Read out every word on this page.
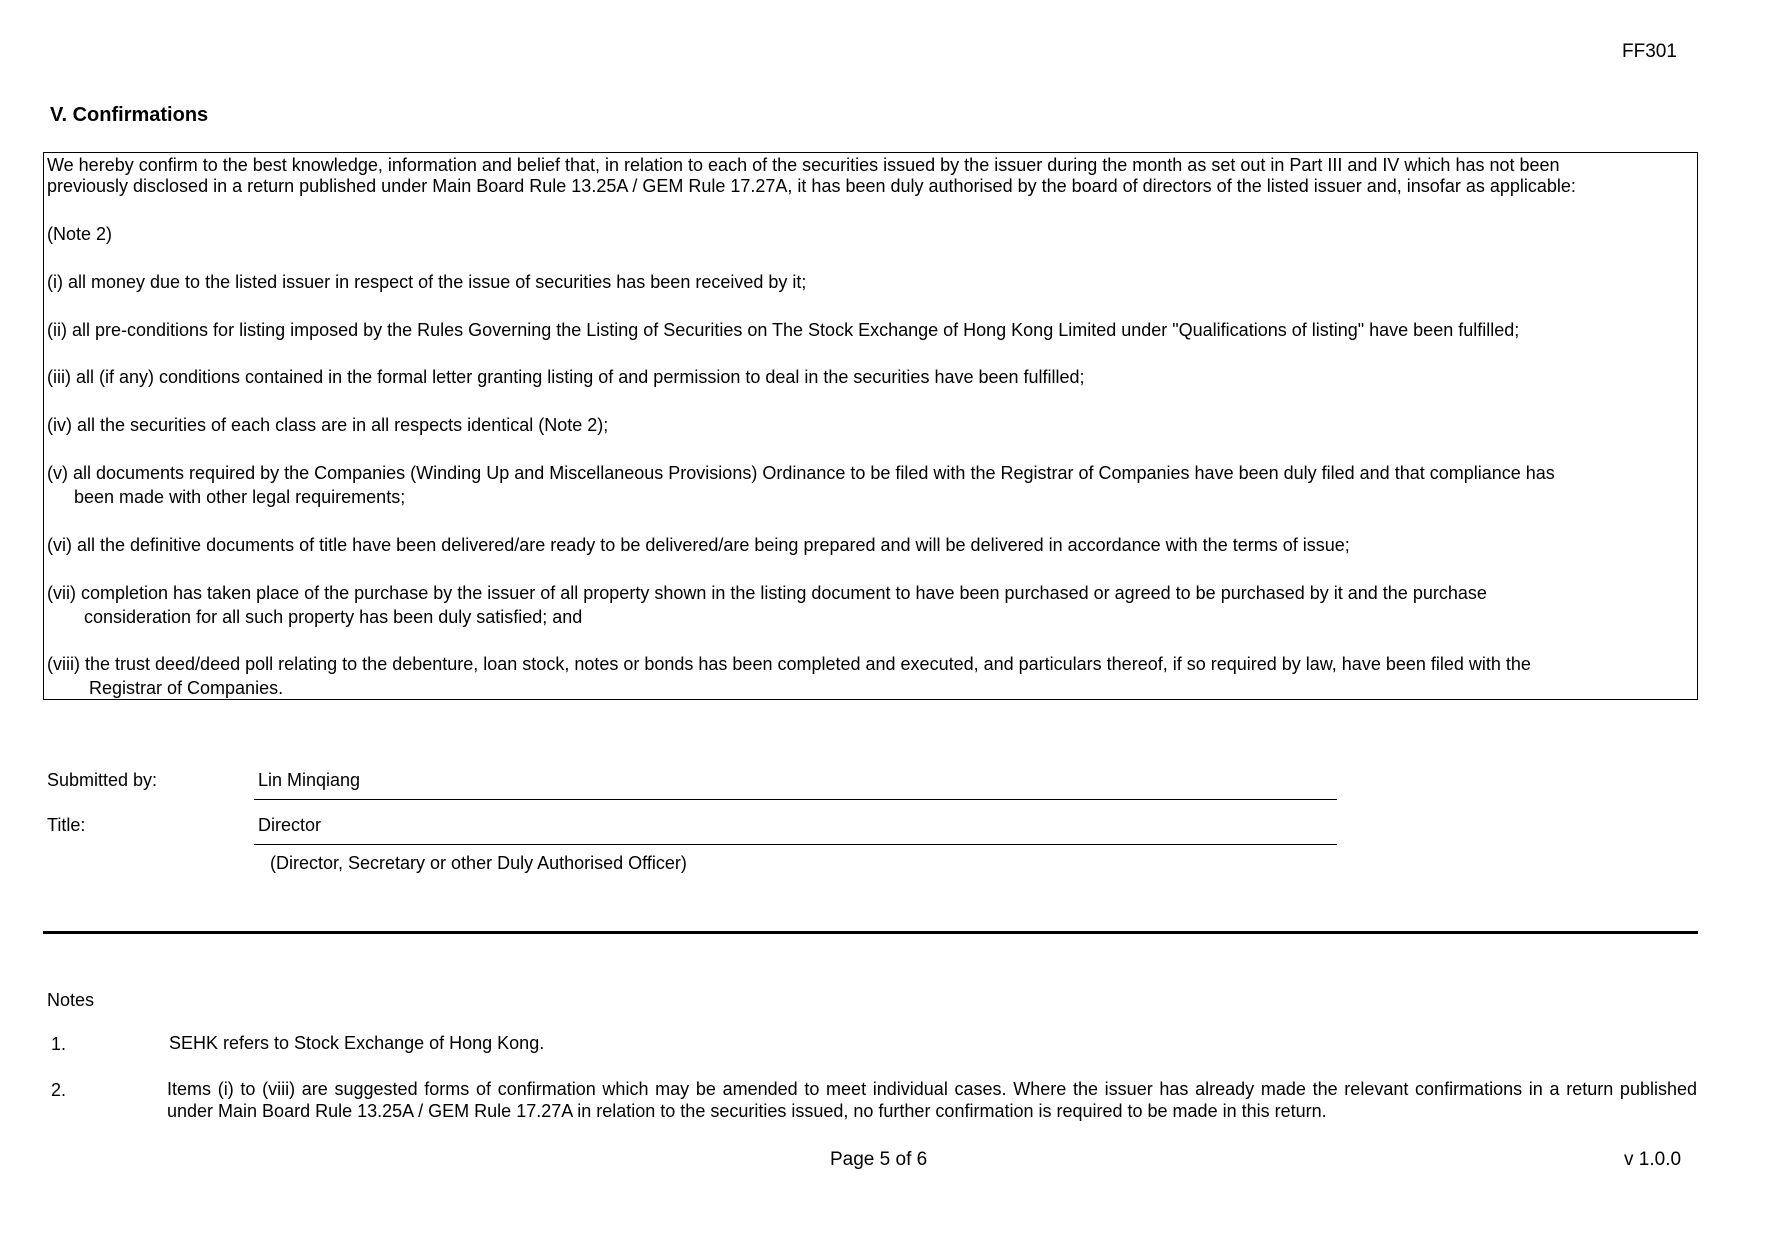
FF301
V. Confirmations
We hereby confirm to the best knowledge, information and belief that, in relation to each of the securities issued by the issuer during the month as set out in Part III and IV which has not been
previously disclosed in a return published under Main Board Rule 13.25A / GEM Rule 17.27A, it has been duly authorised by the board of directors of the listed issuer and, insofar as applicable:
(Note 2)
(i) all money due to the listed issuer in respect of the issue of securities has been received by it;
(ii) all pre-conditions for listing imposed by the Rules Governing the Listing of Securities on The Stock Exchange of Hong Kong Limited under "Qualifications of listing" have been fulfilled;
(iii) all (if any) conditions contained in the formal letter granting listing of and permission to deal in the securities have been fulfilled;
(iv) all the securities of each class are in all respects identical (Note 2);
(v) all documents required by the Companies (Winding Up and Miscellaneous Provisions) Ordinance to be filed with the Registrar of Companies have been duly filed and that compliance has
been made with other legal requirements;
(vi) all the definitive documents of title have been delivered/are ready to be delivered/are being prepared and will be delivered in accordance with the terms of issue;
(vii) completion has taken place of the purchase by the issuer of all property shown in the listing document to have been purchased or agreed to be purchased by it and the purchase
consideration for all such property has been duly satisfied; and
(viii) the trust deed/deed poll relating to the debenture, loan stock, notes or bonds has been completed and executed, and particulars thereof, if so required by law, have been filed with the
Registrar of Companies.
Submitted by:	Lin Minqiang
Title:	Director
(Director, Secretary or other Duly Authorised Officer)
Notes
1.	SEHK refers to Stock Exchange of Hong Kong.
2.	Items (i) to (viii) are suggested forms of confirmation which may be amended to meet individual cases. Where the issuer has already made the relevant confirmations in a return published under Main Board Rule 13.25A / GEM Rule 17.27A in relation to the securities issued, no further confirmation is required to be made in this return.
Page 5 of 6	v 1.0.0
